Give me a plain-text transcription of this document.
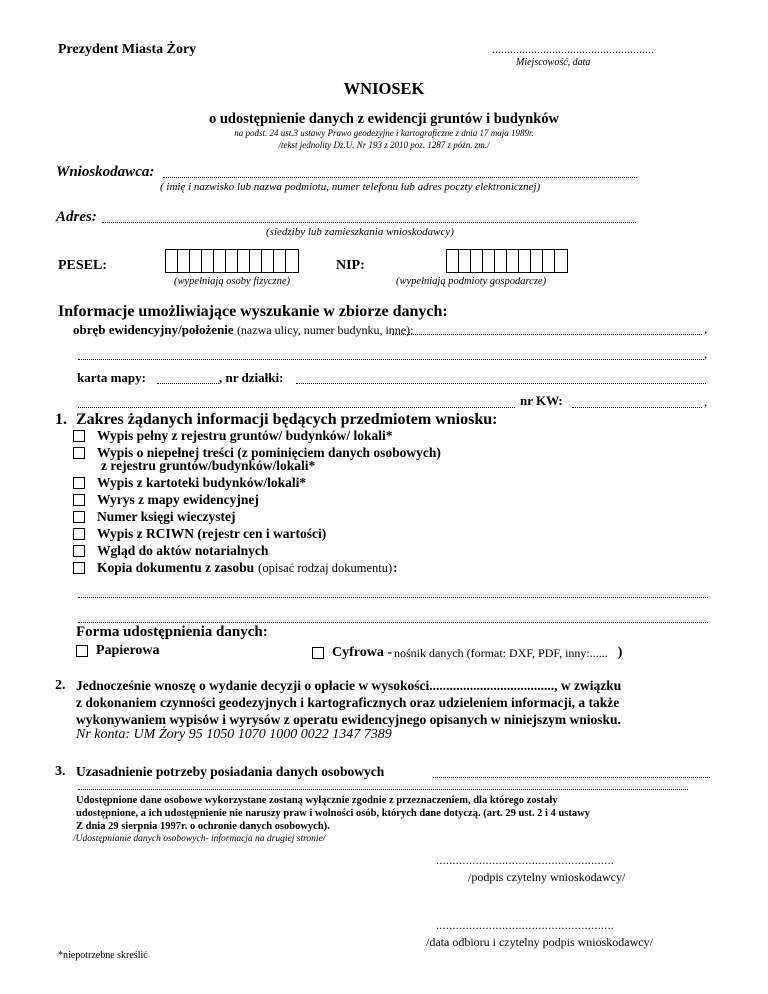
Prezydent Miasta Żory	......................................................
Miejscowość, data
WNIOSEK
o udostępnienie danych z ewidencji gruntów i budynków
na podst. 24 ust.3 ustawy Prawo geodezyjne i kartograficzne z dnia 17 maja 1989r.
/tekst jednolity Dz.U. Nr 193 z 2010 poz. 1287 z późn. zm./
Wnioskodawca:
( imię i nazwisko lub nazwa podmiotu, numer telefonu lub adres poczty elektronicznej)
Adres:
(siedziby lub zamieszkania wnioskodawcy)
PESEL:	NIP:
(wypełniają osoby fizyczne)	(wypełniają podmioty gospodarcze)
Informacje umożliwiające wyszukanie w zbiorze danych:
obręb ewidencyjny/położenie (nazwa ulicy, numer budynku, inne):	,
,
karta mapy:	, nr działki:
nr KW:	,
1. Zakres żądanych informacji będących przedmiotem wniosku:
Wypis pełny z rejestru gruntów/ budynków/ lokali*
Wypis o niepełnej treści (z pominięciem danych osobowych)
z rejestru gruntów/budynków/lokali*
Wypis z kartoteki budynków/lokali*
Wyrys z mapy ewidencyjnej
Numer księgi wieczystej
Wypis z RCIWN (rejestr cen i wartości)
Wgląd do aktów notarialnych
Kopia dokumentu z zasobu (opisać rodzaj dokumentu) :
Forma udostępnienia danych:
Papierowa	Cyfrowa - nośnik danych (format: DXF, PDF, inny:...... )
2. Jednocześnie wnoszę o wydanie decyzji o opłacie w wysokości....................................., w związku
z dokonaniem czynności geodezyjnych i kartograficznych oraz udzieleniem informacji, a także
wykonywaniem wypisów i wyrysów z operatu ewidencyjnego opisanych w niniejszym wniosku.
Nr konta: UM Żory 95 1050 1070 1000 0022 1347 7389
3. Uzasadnienie potrzeby posiadania danych osobowych
Udostępnione dane osobowe wykorzystane zostaną wyłącznie zgodnie z przeznaczeniem, dla którego zostały
udostępnione, a ich udostępnienie nie naruszy praw i wolności osób, których dane dotyczą. (art. 29 ust. 2 i 4 ustawy
Z dnia 29 sierpnia 1997r. o ochronie danych osobowych).
/Udostępnianie danych osobowych- informacja na drugiej stronie/
......................................................
/podpis czytelny wnioskodawcy/
......................................................
/data odbioru i czytelny podpis wnioskodawcy/
*niepotrzebne skreślić
